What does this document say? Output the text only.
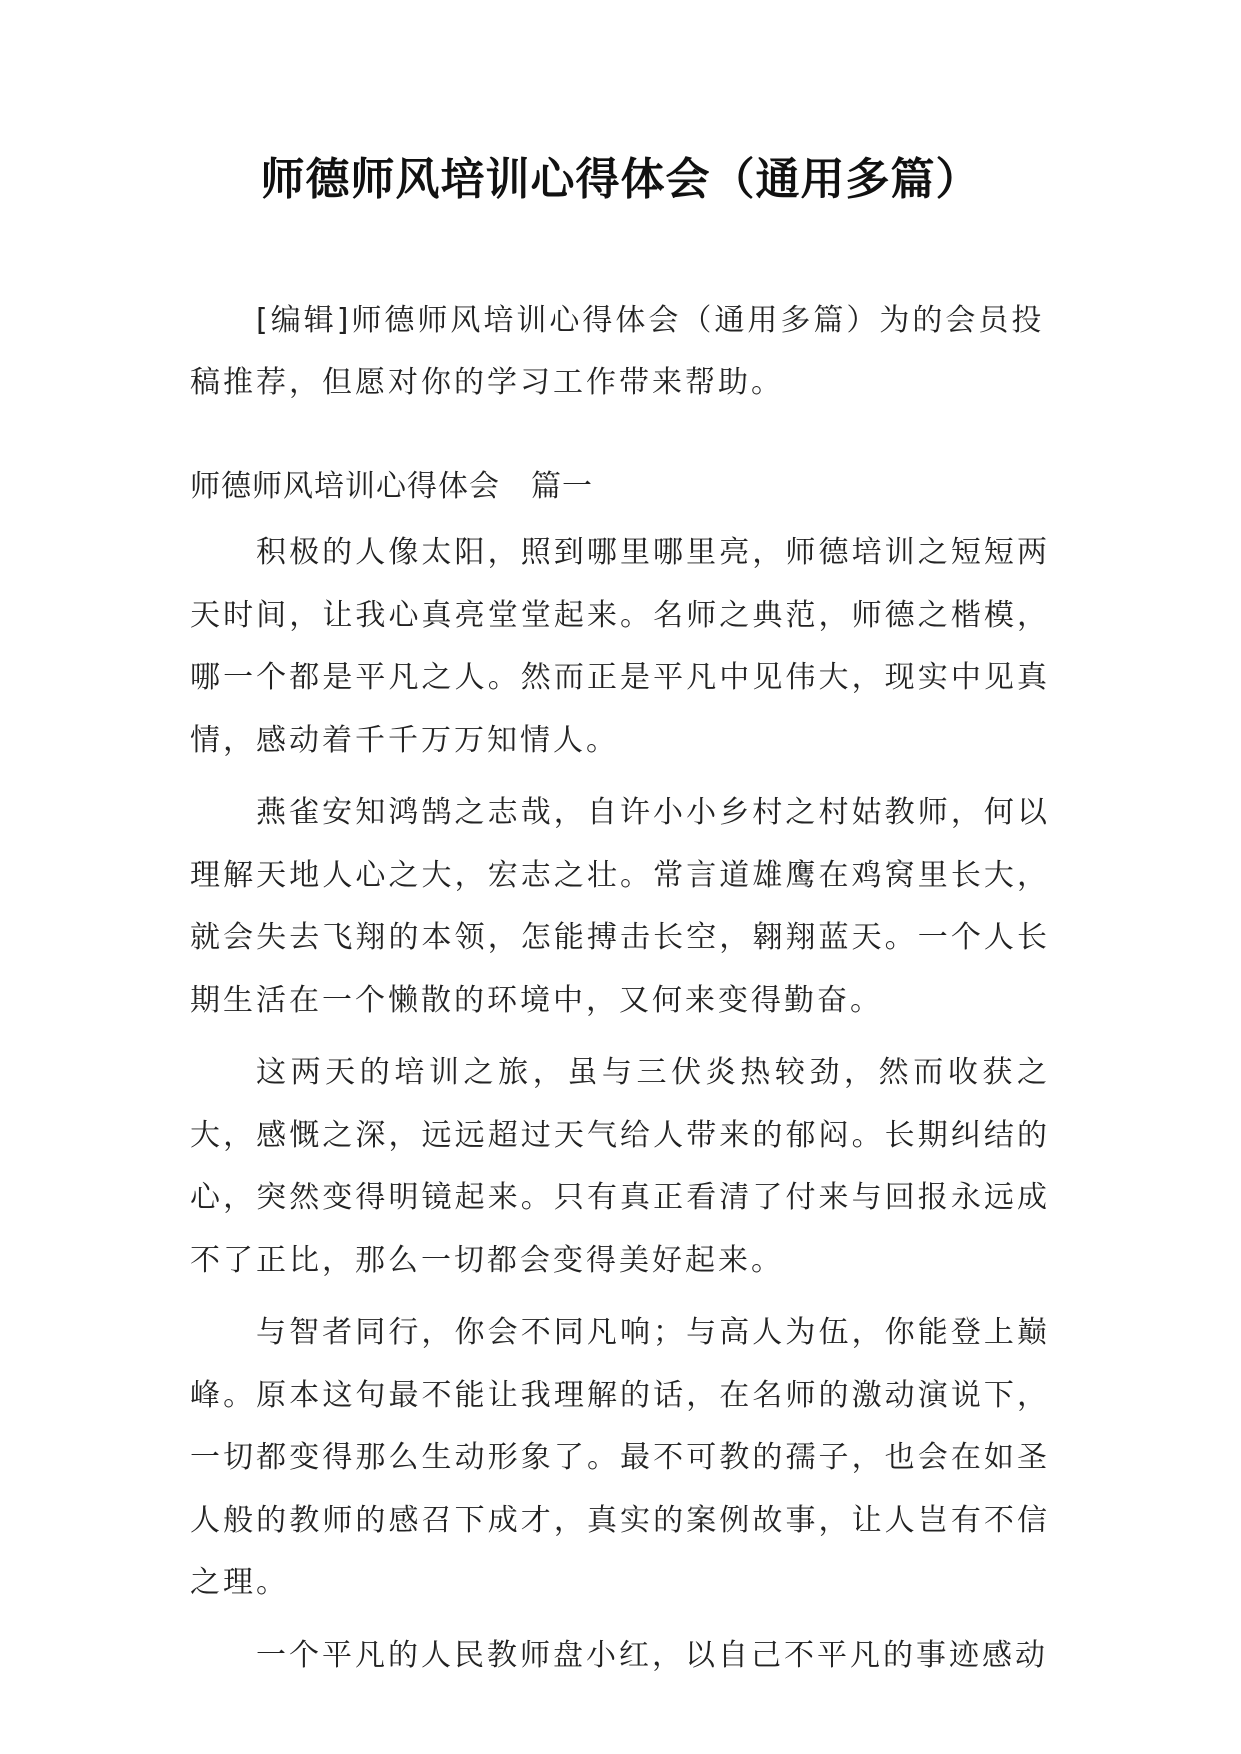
师德师风培训心得体会（通用多篇）
[编辑]师德师风培训心得体会（通用多篇）为的会员投稿推荐，但愿对你的学习工作带来帮助。
师德师风培训心得体会　篇一

积极的人像太阳，照到哪里哪里亮，师德培训之短短两天时间，让我心真亮堂堂起来。名师之典范，师德之楷模，哪一个都是平凡之人。然而正是平凡中见伟大，现实中见真情，感动着千千万万知情人。

燕雀安知鸿鹄之志哉，自许小小乡村之村姑教师，何以理解天地人心之大，宏志之壮。常言道雄鹰在鸡窝里长大，就会失去飞翔的本领，怎能搏击长空，翱翔蓝天。一个人长期生活在一个懒散的环境中，又何来变得勤奋。

这两天的培训之旅，虽与三伏炎热较劲，然而收获之大，感慨之深，远远超过天气给人带来的郁闷。长期纠结的心，突然变得明镜起来。只有真正看清了付来与回报永远成不了正比，那么一切都会变得美好起来。

与智者同行，你会不同凡响；与高人为伍，你能登上巅峰。原本这句最不能让我理解的话，在名师的激动演说下，一切都变得那么生动形象了。最不可教的孺子，也会在如圣人般的教师的感召下成才，真实的案例故事，让人岂有不信之理。

一个平凡的人民教师盘小红，以自己不平凡的事迹感动
